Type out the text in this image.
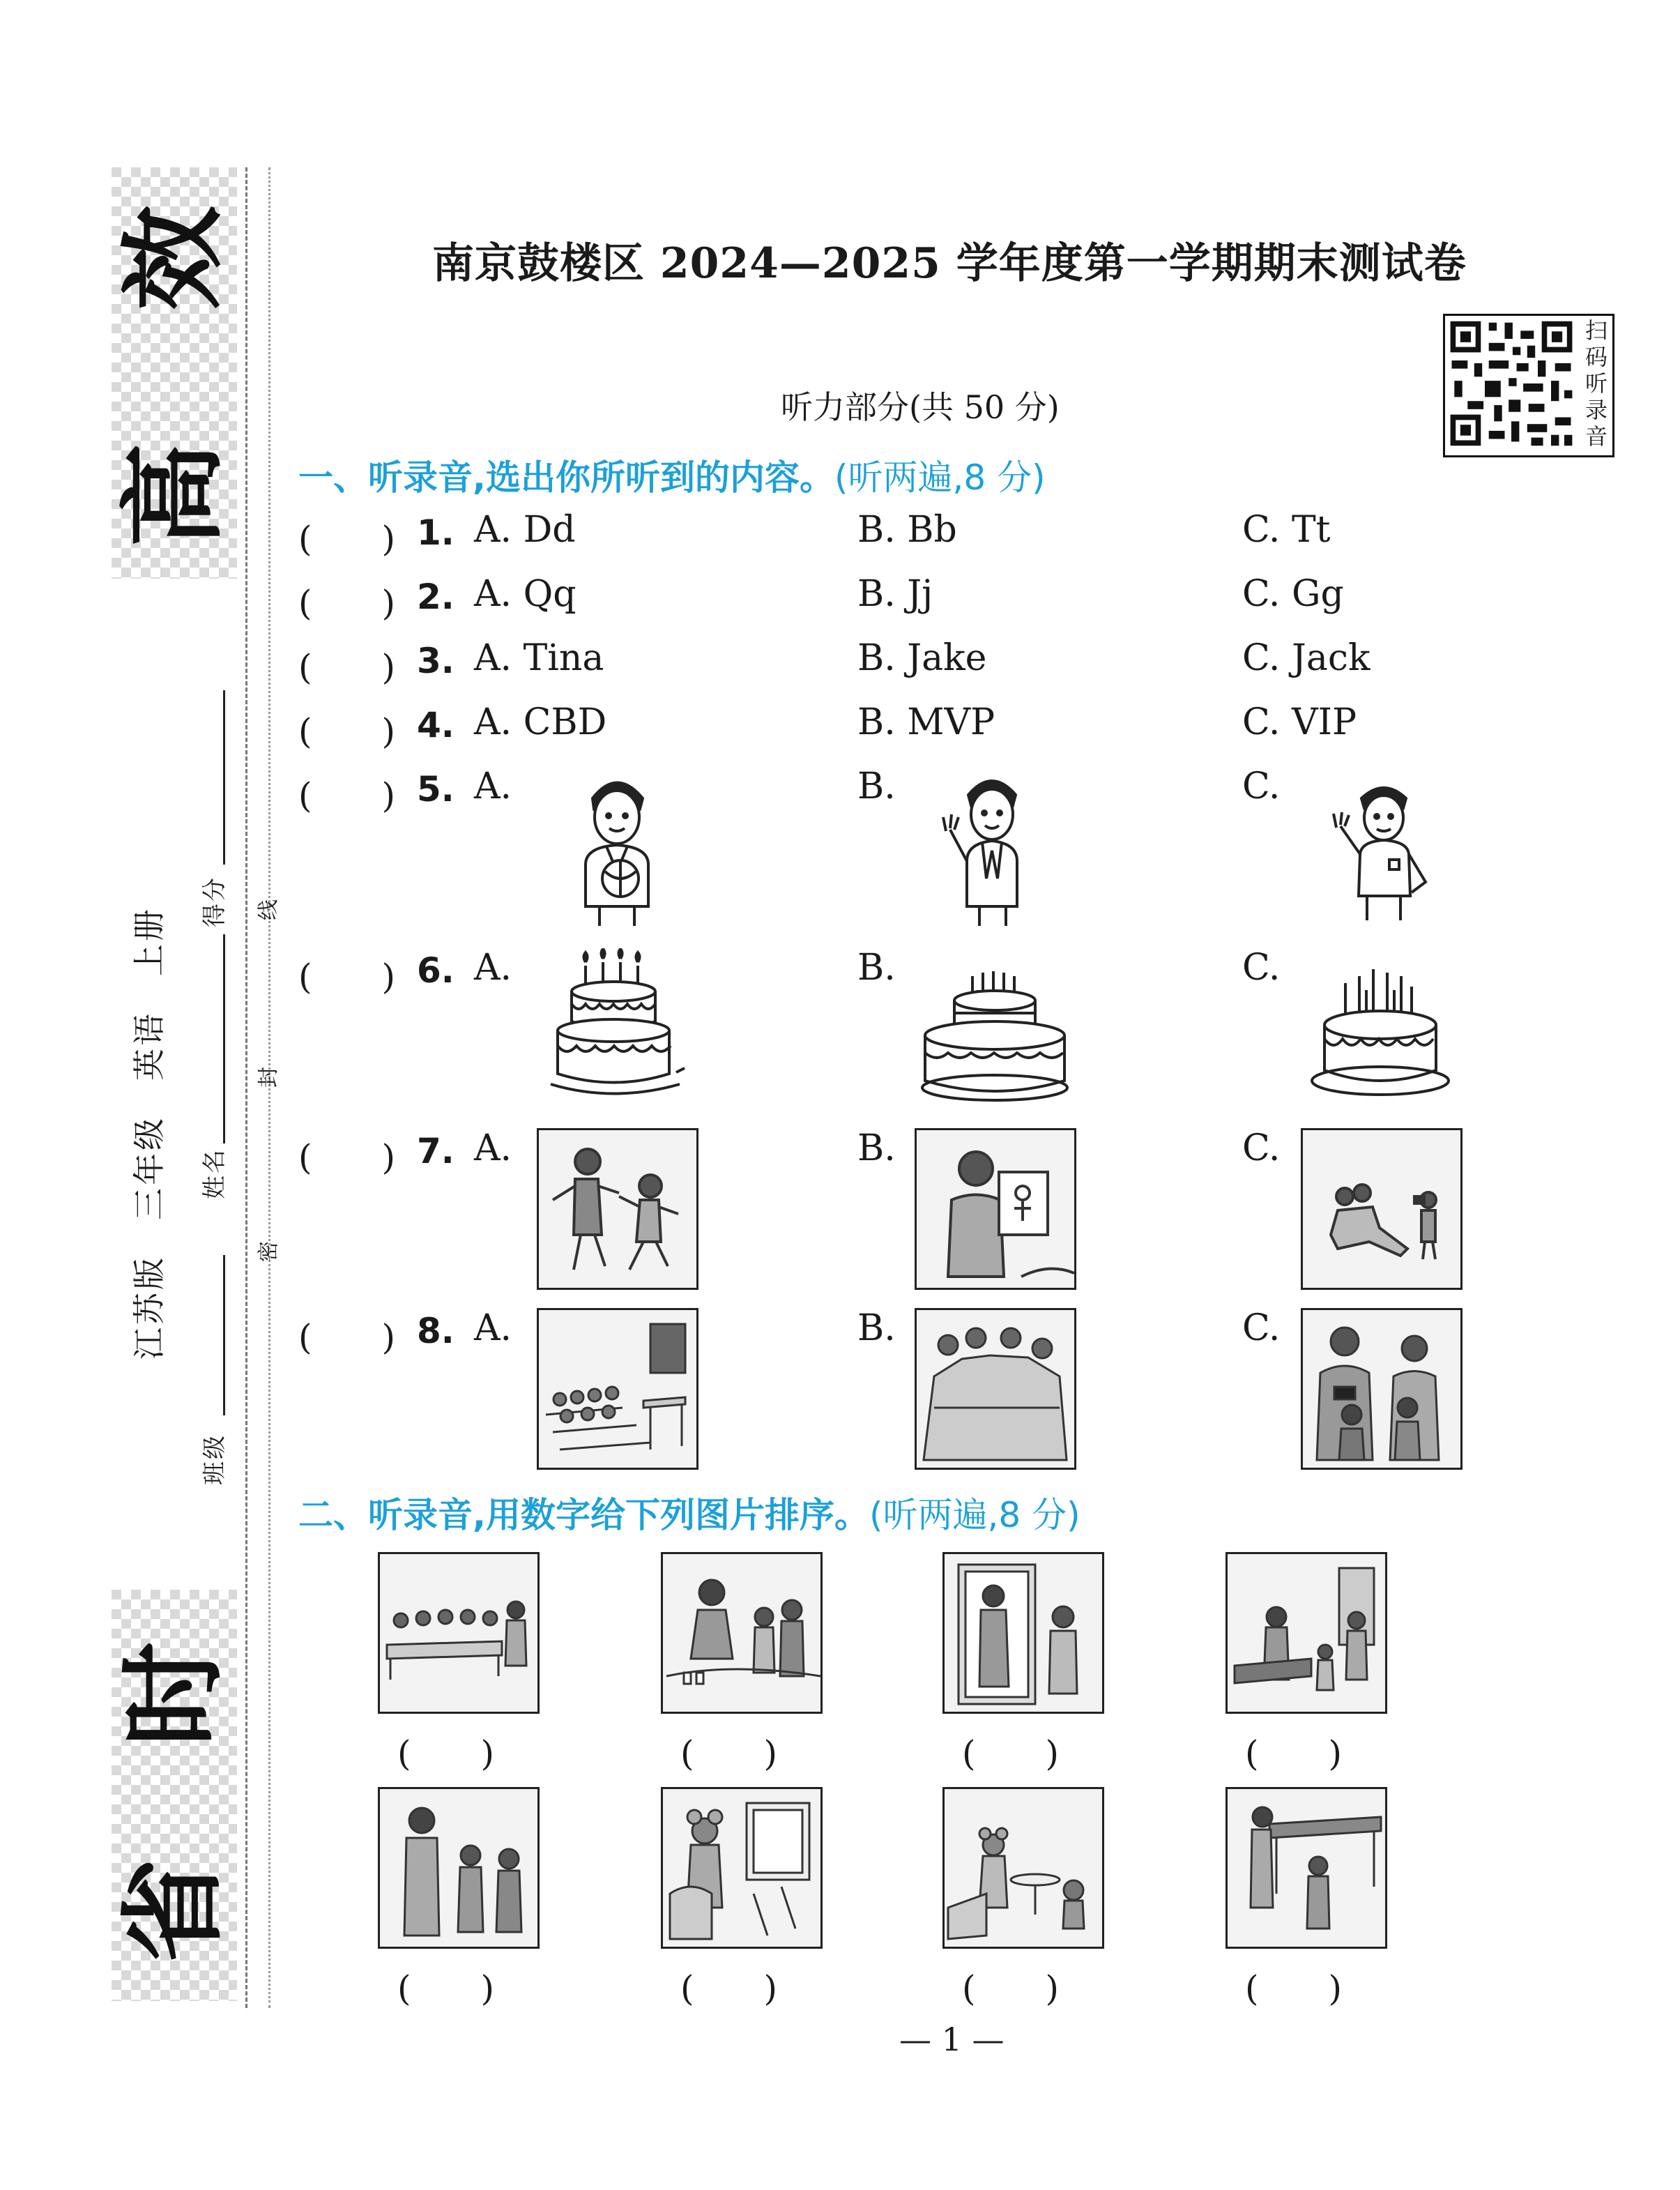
效
高
时
省
江苏版　三年级　英语　上册
班级
姓名
得分 线
封
密
南京鼓楼区 2024—2025 学年度第一学期期末测试卷
扫码听录音
听力部分(共 50 分)
一、听录音,选出你所听到的内容。(听两遍,8 分)
(　　) 1. A. Dd	B. Bb	C. Tt
(　　) 2. A. Qq	B. Jj	C. Gg
(　　) 3. A. Tina	B. Jake	C. Jack
(　　) 4. A. CBD	B. MVP	C. VIP
(　　) 5. A.	B.	C.
(　　) 6. A.	B.	C.
(　　) 7. A.	B.	C.
(　　) 8. A.	B.	C.
二、听录音,用数字给下列图片排序。(听两遍,8 分)
(　　)	(　　)	(　　)	(　　)
(　　)	(　　)	(　　)	(　　)
— 1 —
